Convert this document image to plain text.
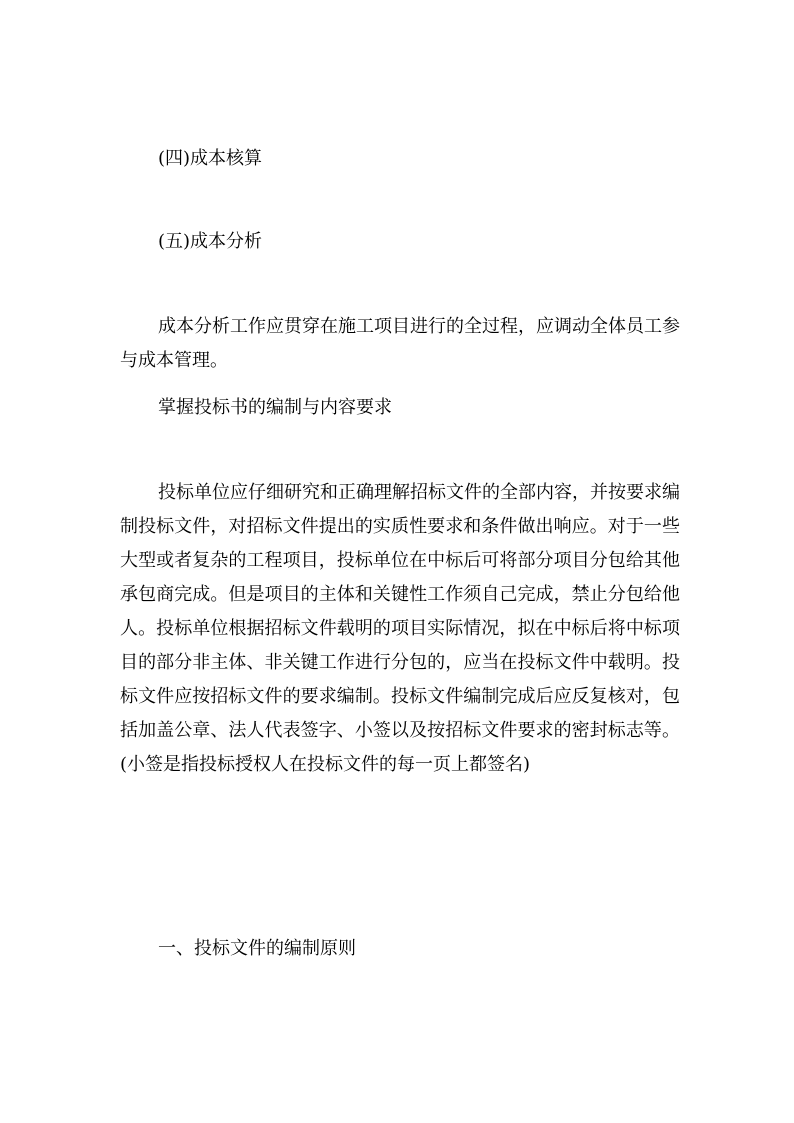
(四)成本核算

(五)成本分析

成本分析工作应贯穿在施工项目进行的全过程，应调动全体员工参与成本管理。

掌握投标书的编制与内容要求

投标单位应仔细研究和正确理解招标文件的全部内容，并按要求编制投标文件，对招标文件提出的实质性要求和条件做出响应。对于一些大型或者复杂的工程项目，投标单位在中标后可将部分项目分包给其他承包商完成。但是项目的主体和关键性工作须自己完成，禁止分包给他人。投标单位根据招标文件载明的项目实际情况，拟在中标后将中标项目的部分非主体、非关键工作进行分包的，应当在投标文件中载明。投标文件应按招标文件的要求编制。投标文件编制完成后应反复核对，包括加盖公章、法人代表签字、小签以及按招标文件要求的密封标志等。(小签是指投标授权人在投标文件的每一页上都签名)

一、投标文件的编制原则
